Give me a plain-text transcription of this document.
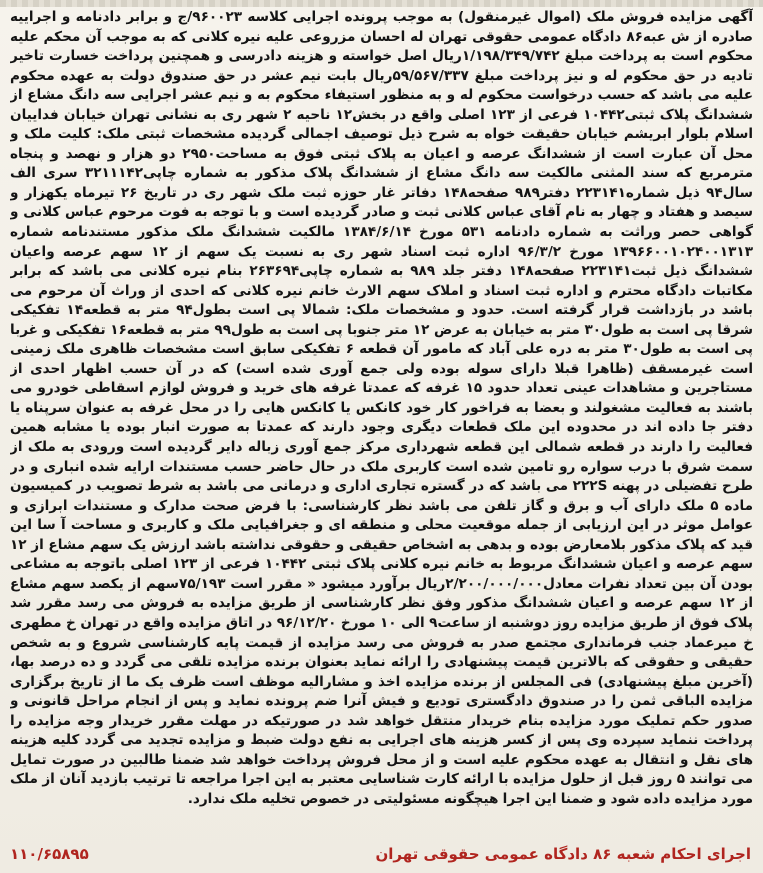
آگهی مزایده فروش ملک (اموال غیرمنقول) به موجب پرونده اجرایی کلاسه ۹۶۰۰۲۳/ج و برابر دادنامه و اجراییه صادره از ش عبه۸۶ دادگاه عمومی حقوقی تهران له احسان مزروعی علیه نیره کلانی که به موجب آن محکم علیه محکوم است به پرداخت مبلغ ۱/۱۹۸/۳۴۹/۷۴۲ریال اصل خواسته و هزینه دادرسی و همچنین پرداخت خسارت تاخیر تادیه در حق محکوم له و نیز پرداخت مبلغ ۵۹/۵۶۷/۳۳۷ریال بابت نیم عشر در حق صندوق دولت به عهده محکوم علیه می باشد که حسب درخواست محکوم له و به منظور استیفاء محکوم به و نیم عشر اجرایی سه دانگ مشاع از ششدانگ پلاک ثبتی۱۰۴۴۲ فرعی از ۱۲۳ اصلی واقع در بخش۱۲ ناحیه ۲ شهر ری به نشانی تهران خیابان فداییان اسلام بلوار ابریشم خیابان حقیقت خواه به شرح ذیل توصیف اجمالی گردیده مشخصات ثبتی ملک: کلیت ملک و محل آن عبارت است از ششدانگ عرصه و اعیان به پلاک ثبتی فوق به مساحت۲۹۵۰ دو هزار و نهصد و پنجاه مترمربع که سند المثنی مالکیت سه دانگ مشاع از ششدانگ پلاک مذکور به شماره چاپی۳۲۱۱۱۴۲ سری الف سال۹۴ ذیل شماره۲۲۳۱۴۱ دفتر۹۸۹ صفحه۱۴۸ دفاتر غار حوزه ثبت ملک شهر ری در تاریخ ۲۶ تیرماه یکهزار و سیصد و هفتاد و چهار به نام آقای عباس کلانی ثبت و صادر گردیده است و با توجه به فوت مرحوم عباس کلانی و گواهی حصر وراثت به شماره دادنامه ۵۳۱ مورخ ۱۳۸۴/۶/۱۴ مالکیت ششدانگ ملک مذکور مستندنامه شماره ۱۳۹۶۶۰۰۱۰۲۴۰۰۱۳۱۳ مورخ ۹۶/۳/۲ اداره ثبت اسناد شهر ری به نسبت یک سهم از ۱۲ سهم عرصه واعیان ششدانگ ذیل ثبت۲۲۳۱۴۱ صفحه۱۴۸ دفتر جلد ۹۸۹ به شماره چاپی۲۶۳۶۹۴ بنام نیره کلانی می باشد که برابر مکاتبات دادگاه محترم و اداره ثبت اسناد و املاک سهم الارث خانم نیره کلانی که احدی از وراث آن مرحوم می باشد در بازداشت قرار گرفته است. حدود و مشخصات ملک: شمالا پی است بطول۹۴ متر به قطعه۱۴ تفکیکی شرقا پی است به طول۳۰ متر به خیابان به عرض ۱۲ متر جنوبا پی است به طول۹۹ متر به قطعه۱۶ تفکیکی و غربا پی است به طول۳۰ متر به دره علی آباد که مامور آن قطعه ۶ تفکیکی سابق است مشخصات ظاهری ملک زمینی است غیرمسقف (ظاهرا قبلا دارای سوله بوده ولی جمع آوری شده است) که در آن حسب اظهار احدی از مستاجرین و مشاهدات عینی تعداد حدود ۱۵ غرفه که عمدتا غرفه های خرید و فروش لوازم اسقاطی خودرو می باشند به فعالیت مشغولند و بعضا به فراخور کار خود کانکس یا کانکس هایی را در محل غرفه به عنوان سرپناه یا دفتر جا داده اند در محدوده این ملک قطعات دیگری وجود دارند که عمدتا به صورت انبار بوده یا مشابه همین فعالیت را دارند در قطعه شمالی این قطعه شهرداری مرکز جمع آوری زباله دایر گردیده است ورودی به ملک از سمت شرق با درب سواره رو تامین شده است کاربری ملک در حال حاضر حسب مستندات ارایه شده انباری و در طرح تفضیلی در پهنه ۲۲۲S می باشد که در گستره تجاری اداری و درمانی می باشد به شرط تصویب در کمیسیون ماده ۵ ملک دارای آب و برق و گاز تلفن می باشد نظر کارشناسی: با فرض صحت مدارک و مستندات ابرازی و عوامل موثر در این ارزیابی از جمله موقعیت محلی و منطقه ای و جغرافیایی ملک و کاربری و مساحت آ سا این قید که پلاک مذکور بلامعارض بوده و بدهی به اشخاص حقیقی و حقوقی نداشته باشد ارزش یک سهم مشاع از ۱۲ سهم عرصه و اعیان ششدانگ مربوط به خانم نیره کلانی پلاک ثبتی ۱۰۴۴۲ فرعی از ۱۲۳ اصلی باتوجه به مشاعی بودن آن بین تعداد نفرات معادل۲/۲۰۰/۰۰۰/۰۰۰ریال برآورد میشود « مقرر است ۷۵/۱۹۳سهم از یکصد سهم مشاع از ۱۲ سهم عرصه و اعیان ششدانگ مذکور وفق نظر کارشناسی از طریق مزایده به فروش می رسد مقرر شد پلاک فوق از طریق مزایده روز دوشنبه از ساعت۹ الی ۱۰ مورخ ۹۶/۱۲/۲۰ در اتاق مزایده واقع در تهران خ مطهری خ میرعماد جنب فرمانداری مجتمع صدر به فروش می رسد مزایده از قیمت پایه کارشناسی شروع و به شخص حقیقی و حقوقی که بالاترین قیمت پیشنهادی را ارائه نماید بعنوان برنده مزایده تلقی می گردد و ده درصد بها، (آخرین مبلغ پیشنهادی) فی المجلس از برنده مزایده اخذ و مشارالیه موظف است ظرف یک ما از تاریخ برگزاری مزایده الباقی ثمن را در صندوق دادگستری تودیع و فیش آنرا ضم پرونده نماید و پس از انجام مراحل قانونی و صدور حکم تملیک مورد مزایده بنام خریدار منتقل خواهد شد در صورتیکه در مهلت مقرر خریدار وجه مزایده را پرداخت ننماید سپرده وی پس از کسر هزینه های اجرایی به نفع دولت ضبط و مزایده تجدید می گردد کلیه هزینه های نقل و انتقال به عهده محکوم علیه است و از محل فروش پرداخت خواهد شد ضمنا طالبین در صورت تمایل می توانند ۵ روز قبل از حلول مزایده با ارائه کارت شناسایی معتبر به این اجرا مراجعه تا ترتیب بازدید آنان از ملک مورد مزایده داده شود و ضمنا این اجرا هیچگونه مسئولیتی در خصوص تخلیه ملک ندارد.

۱۱۰/۶۵۸۹۵	اجرای احکام شعبه ۸۶ دادگاه عمومی حقوقی تهران
